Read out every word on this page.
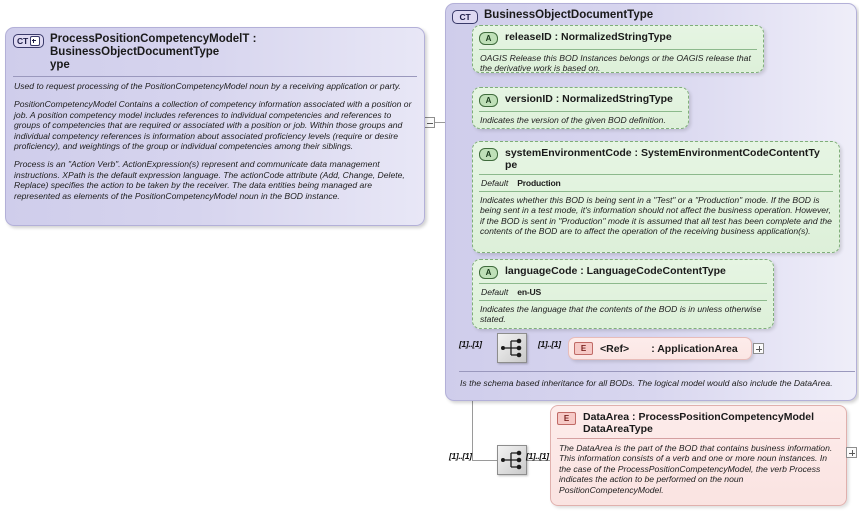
CT	ProcessPositionCompetencyModelT : BusinessObjectDocumentType
ype

Used to request processing of the PositionCompetencyModel noun by a receiving application or party.

PositionCompetencyModel Contains a collection of competency information associated with a position or job. A position competency model includes references to individual competencies and references to groups of competencies that are required or associated with a position or job. Within those groups and individual competency references is information about associated proficiency levels (require or desire proficiency), and weightings of the group or individual competencies among their siblings.

Process is an "Action Verb". ActionExpression(s) represent and communicate data management instructions. XPath is the default expression language. The actionCode attribute (Add, Change, Delete,

Replace) specifies the action to be taken by the receiver. The data entities being managed are represented as elements of the PositionCompetencyModel noun in the BOD instance.

CT	BusinessObjectDocumentType
A	releaseID : NormalizedStringType
OAGIS Release this BOD Instances belongs or the OAGIS release that the derivative work is based on.
A	versionID : NormalizedStringType
Indicates the version of the given BOD definition.
A	systemEnvironmentCode : SystemEnvironmentCodeContentTy
pe
Default Production
Indicates whether this BOD is being sent in a "Test" or a "Production" mode. If the BOD is being sent in a test mode, it's information should not affect the business operation. However, if the BOD is sent in "Production" mode it is assumed that all test has been complete and the contents of the BOD are to affect the operation of the receiving business application(s).
A	languageCode : LanguageCodeContentType
Default en-US
Indicates the language that the contents of the BOD is in unless otherwise stated.
[1]..[1]	[1]..[1]	E	<Ref> : ApplicationArea
Is the schema based inheritance for all BODs. The logical model would also include the DataArea.
[1]..[1]	[1]..[1]
E	DataArea : ProcessPositionCompetencyModel
DataAreaType
The DataArea is the part of the BOD that contains business information. This information consists of a verb and one or more noun instances. In the case of the ProcessPositionCompetencyModel, the verb Process indicates the action to be performed on the noun PositionCompetencyModel.
